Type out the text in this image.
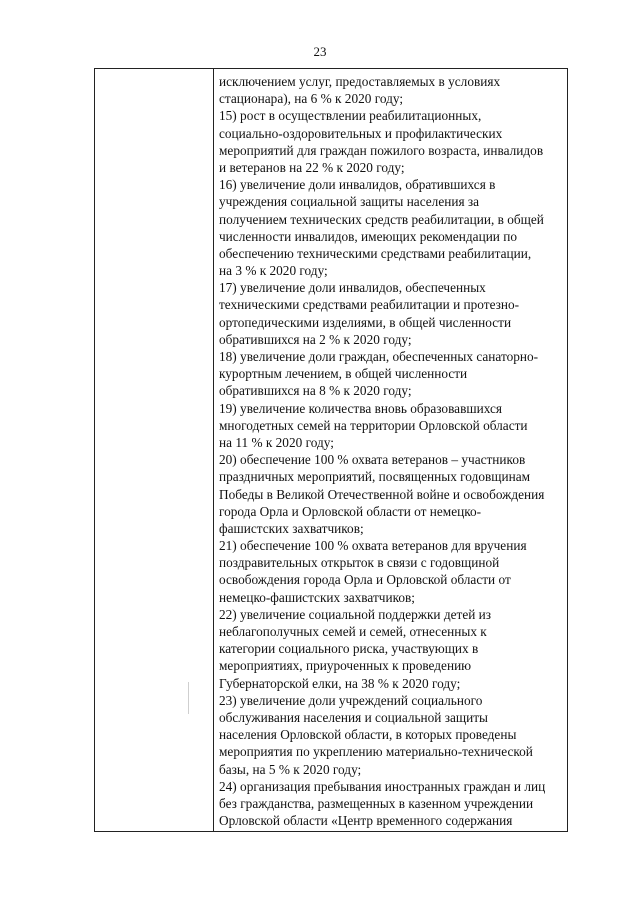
23
исключением услуг, предоставляемых в условиях
стационара), на 6 % к 2020 году;
15) рост в осуществлении реабилитационных,
социально-оздоровительных и профилактических
мероприятий для граждан пожилого возраста, инвалидов
и ветеранов на 22 % к 2020 году;
16) увеличение доли инвалидов, обратившихся в
учреждения социальной защиты населения за
получением технических средств реабилитации, в общей
численности инвалидов, имеющих рекомендации по
обеспечению техническими средствами реабилитации,
на 3 % к 2020 году;
17) увеличение доли инвалидов, обеспеченных
техническими средствами реабилитации и протезно-
ортопедическими изделиями, в общей численности
обратившихся на 2 % к 2020 году;
18) увеличение доли граждан, обеспеченных санаторно-
курортным лечением, в общей численности
обратившихся на 8 % к 2020 году;
19) увеличение количества вновь образовавшихся
многодетных семей на территории Орловской области
на 11 % к 2020 году;
20) обеспечение 100 % охвата ветеранов – участников
праздничных мероприятий, посвященных годовщинам
Победы в Великой Отечественной войне и освобождения
города Орла и Орловской области от немецко-
фашистских захватчиков;
21) обеспечение 100 % охвата ветеранов для вручения
поздравительных открыток в связи с годовщиной
освобождения города Орла и Орловской области от
немецко-фашистских захватчиков;
22) увеличение социальной поддержки детей из
неблагополучных семей и семей, отнесенных к
категории социального риска, участвующих в
мероприятиях, приуроченных к проведению
Губернаторской елки, на 38 % к 2020 году;
23) увеличение доли учреждений социального
обслуживания населения и социальной защиты
населения Орловской области, в которых проведены
мероприятия по укреплению материально-технической
базы, на 5 % к 2020 году;
24) организация пребывания иностранных граждан и лиц
без гражданства, размещенных в казенном учреждении
Орловской области «Центр временного содержания
